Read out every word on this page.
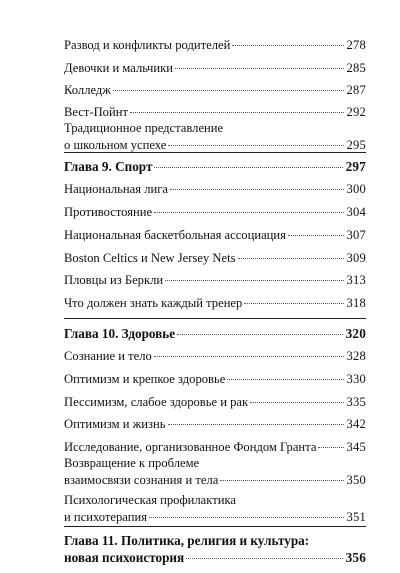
Развод и конфликты родителей	278
Девочки и мальчики	285
Колледж	287
Вест-Пойнт	292
Традиционное представление
о школьном успехе	295
Глава 9. Спорт	297
Национальная лига	300
Противостояние	304
Национальная баскетбольная ассоциация	307
Boston Celtics и New Jersey Nets	309
Пловцы из Беркли	313
Что должен знать каждый тренер	318
Глава 10. Здоровье	320
Сознание и тело	328
Оптимизм и крепкое здоровье	330
Пессимизм, слабое здоровье и рак	335
Оптимизм и жизнь	342
Исследование, организованное Фондом Гранта 345
Возвращение к проблеме
взаимосвязи сознания и тела	350
Психологическая профилактика
и психотерапия	351
Глава 11. Политика, религия и культура:
новая психоистория	356
